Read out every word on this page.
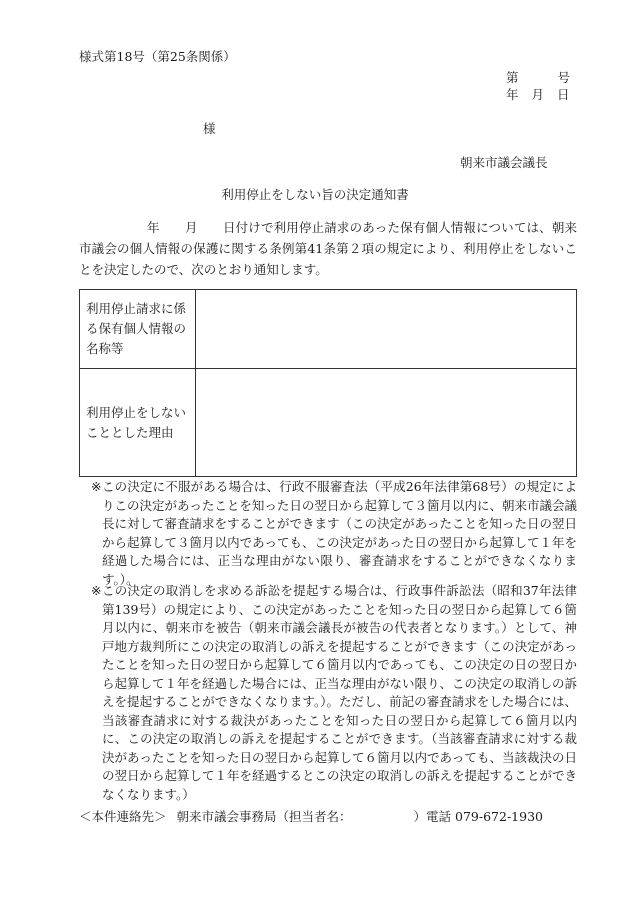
様式第18号（第25条関係）
第	号
年 月 日
様
朝来市議会議長
利用停止をしない旨の決定通知書
年　　月　　日付けで利用停止請求のあった保有個人情報については、朝来市議会の個人情報の保護に関する条例第41条第２項の規定により、利用停止をしないことを決定したので、次のとおり通知します。
利用停止請求に係る保有個人情報の名称等	
利用停止をしないこととした理由	
※ この決定に不服がある場合は、行政不服審査法（平成26年法律第68号）の規定によりこの決定があったことを知った日の翌日から起算して３箇月以内に、朝来市議会議長に対して審査請求をすることができます（この決定があったことを知った日の翌日から起算して３箇月以内であっても、この決定があった日の翌日から起算して１年を経過した場合には、正当な理由がない限り、審査請求をすることができなくなります。）。
※ この決定の取消しを求める訴訟を提起する場合は、行政事件訴訟法（昭和37年法律第139号）の規定により、この決定があったことを知った日の翌日から起算して６箇月以内に、朝来市を被告（朝来市議会議長が被告の代表者となります。）として、神戸地方裁判所にこの決定の取消しの訴えを提起することができます（この決定があったことを知った日の翌日から起算して６箇月以内であっても、この決定の日の翌日から起算して１年を経過した場合には、正当な理由がない限り、この決定の取消しの訴えを提起することができなくなります。）。ただし、前記の審査請求をした場合には、当該審査請求に対する裁決があったことを知った日の翌日から起算して６箇月以内に、この決定の取消しの訴えを提起することができます。（当該審査請求に対する裁決があったことを知った日の翌日から起算して６箇月以内であっても、当該裁決の日の翌日から起算して１年を経過するとこの決定の取消しの訴えを提起することができなくなります。）
＜本件連絡先＞ 朝来市議会事務局（担当者名：	）電話 079-672-1930
